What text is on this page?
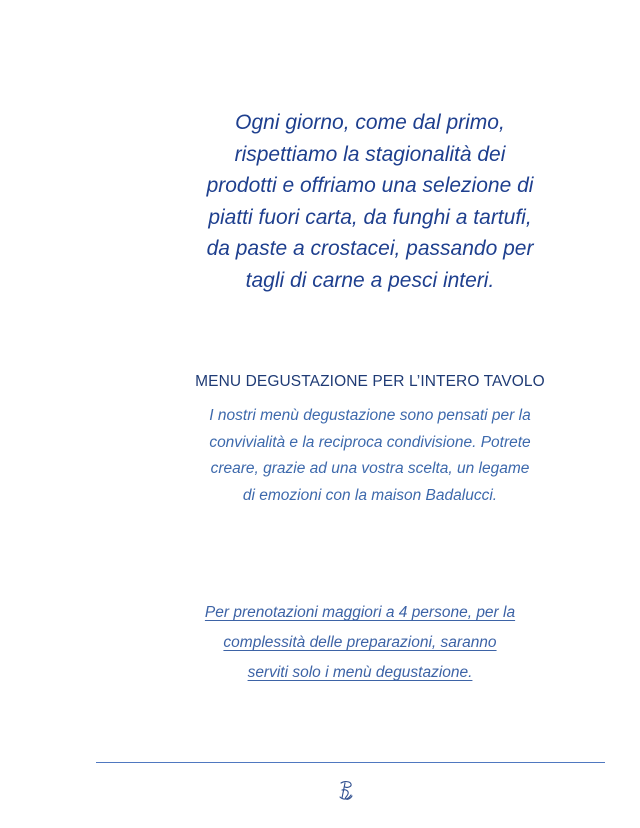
Ogni giorno, come dal primo,
rispettiamo la stagionalità dei
prodotti e offriamo una selezione di
piatti fuori carta, da funghi a tartufi,
da paste a crostacei, passando per
tagli di carne a pesci interi.
MENU DEGUSTAZIONE PER L’INTERO TAVOLO
I nostri menù degustazione sono pensati per la
convivialità e la reciproca condivisione. Potrete
creare, grazie ad una vostra scelta, un legame
di emozioni con la maison Badalucci.
Per prenotazioni maggiori a 4 persone, per la
complessità delle preparazioni, saranno
serviti solo i menù degustazione.
